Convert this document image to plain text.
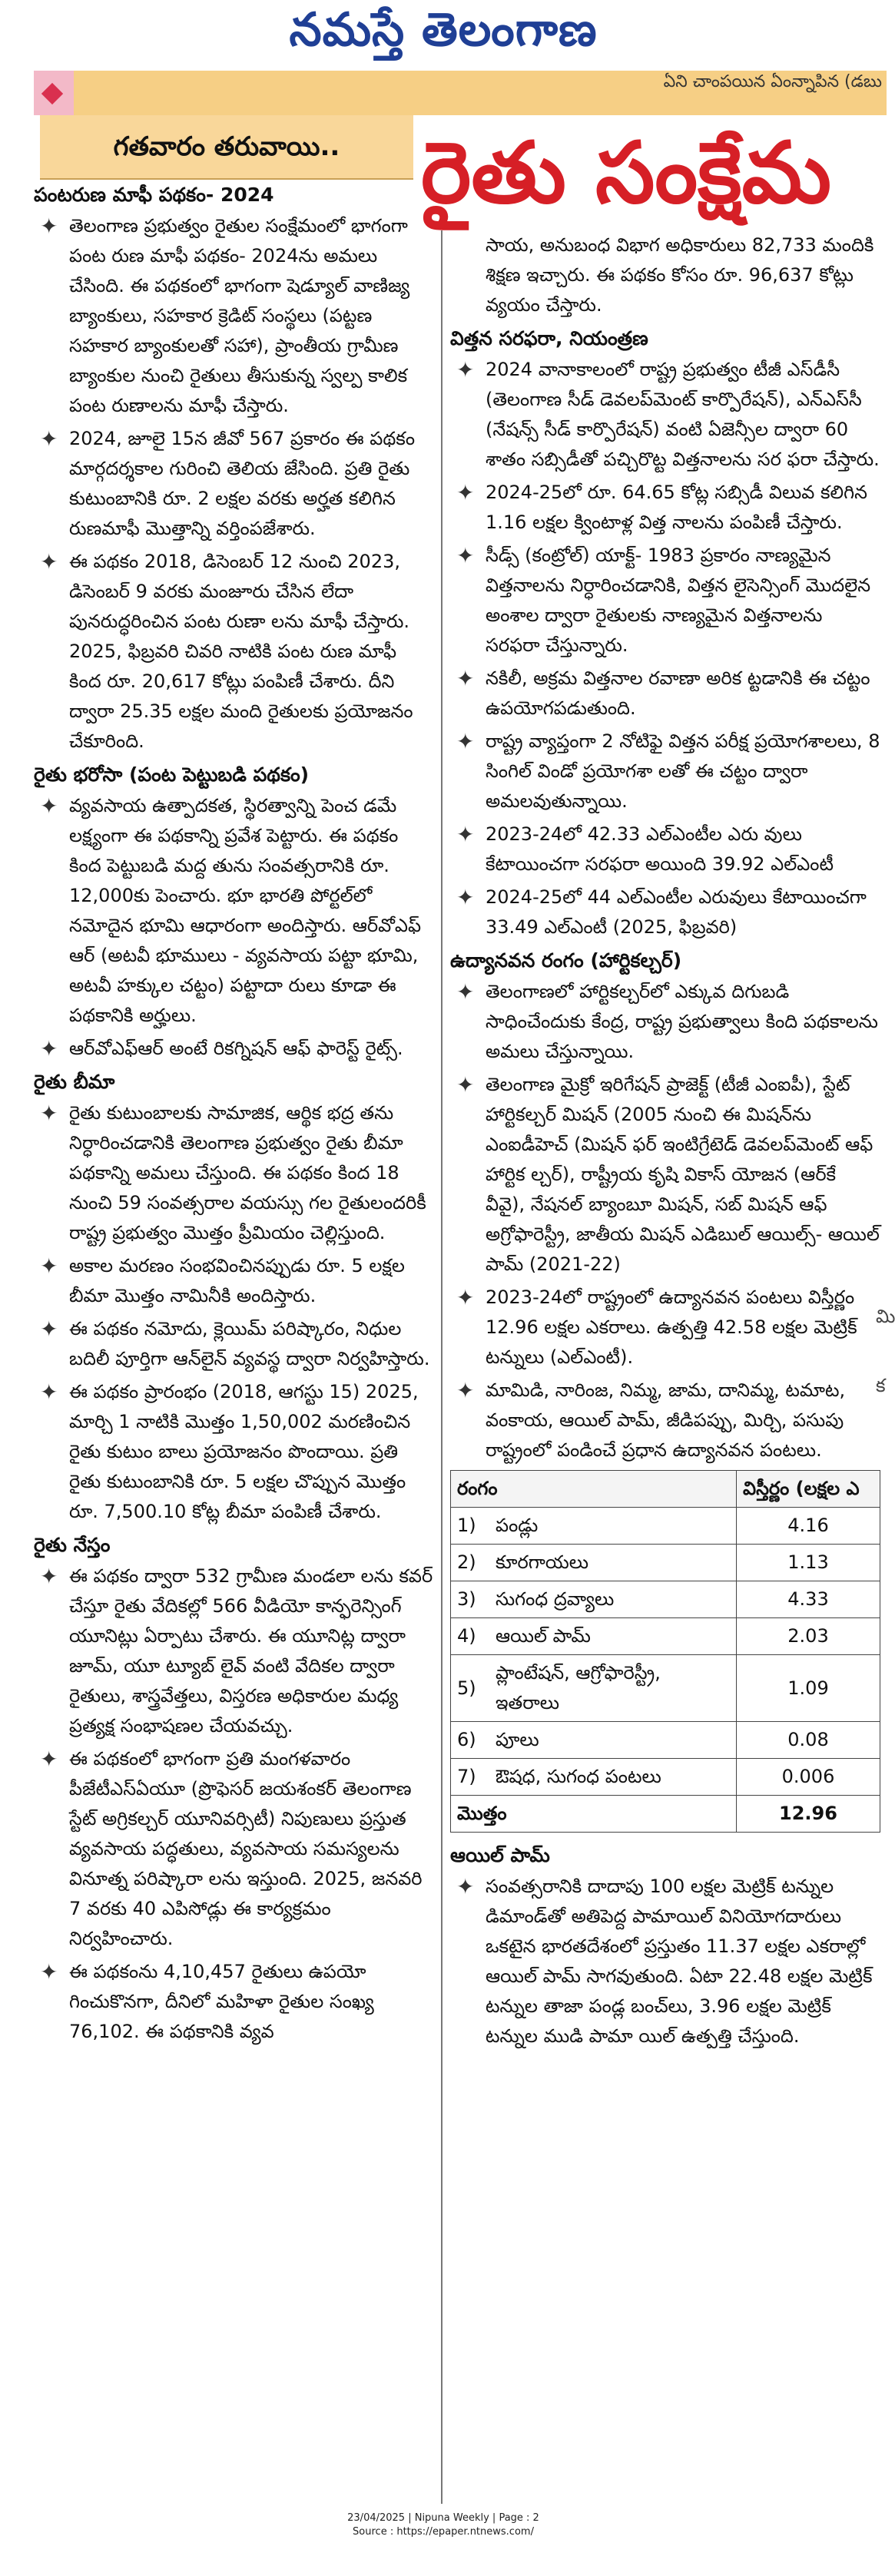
నమస్తే తెలంగాణ
ఏని చాంపయిన ఏంన్నాపిన (డబు
గతవారం తరువాయి.. రైతు సంక్షేమ
పంటరుణ మాఫీ పథకం- 2024
✦ తెలంగాణ ప్రభుత్వం రైతుల సంక్షేమంలో భాగంగా పంట రుణ మాఫీ పథకం- 2024ను అమలు చేసింది. ఈ పథకంలో భాగంగా షెడ్యూల్ వాణిజ్య బ్యాంకులు, సహకార క్రెడిట్ సంస్థలు (పట్టణ సహకార బ్యాంకులతో సహా), ప్రాంతీయ గ్రామీణ బ్యాంకుల నుంచి రైతులు తీసుకున్న స్వల్ప కాలిక పంట రుణాలను మాఫీ చేస్తారు.
✦ 2024, జూలై 15న జీవో 567 ప్రకారం ఈ పథకం మార్గదర్శకాల గురించి తెలియ జేసింది. ప్రతి రైతు కుటుంబానికి రూ. 2 లక్షల వరకు అర్హత కలిగిన రుణమాఫీ మొత్తాన్ని వర్తింపజేశారు.
✦ ఈ పథకం 2018, డిసెంబర్ 12 నుంచి 2023, డిసెంబర్ 9 వరకు మంజూరు చేసిన లేదా పునరుద్ధరించిన పంట రుణా లను మాఫీ చేస్తారు. 2025, ఫిబ్రవరి చివరి నాటికి పంట రుణ మాఫీ కింద రూ. 20,617 కోట్లు పంపిణీ చేశారు. దీని ద్వారా 25.35 లక్షల మంది రైతులకు ప్రయోజనం చేకూరింది.
రైతు భరోసా (పంట పెట్టుబడి పథకం)
✦ వ్యవసాయ ఉత్పాదకత, స్థిరత్వాన్ని పెంచ డమే లక్ష్యంగా ఈ పథకాన్ని ప్రవేశ పెట్టారు. ఈ పథకం కింద పెట్టుబడి మద్ద తును సంవత్సరానికి రూ. 12,000కు పెంచారు. భూ భారతి పోర్టల్‌లో నమోదైన భూమి ఆధారంగా అందిస్తారు. ఆర్‌వోఎఫ్ ఆర్ (అటవీ భూములు - వ్యవసాయ పట్టా భూమి, అటవీ హక్కుల చట్టం) పట్టాదా రులు కూడా ఈ పథకానికి అర్హులు.
✦ ఆర్‌వోఎఫ్‌ఆర్ అంటే రికగ్నిషన్ ఆఫ్ ఫారెస్ట్ రైట్స్.
రైతు బీమా
✦ రైతు కుటుంబాలకు సామాజిక, ఆర్థిక భద్ర తను నిర్ధారించడానికి తెలంగాణ ప్రభుత్వం రైతు బీమా పథకాన్ని అమలు చేస్తుంది. ఈ పథకం కింద 18 నుంచి 59 సంవత్సరాల వయస్సు గల రైతులందరికీ రాష్ట్ర ప్రభుత్వం మొత్తం ప్రీమియం చెల్లిస్తుంది.
✦ అకాల మరణం సంభవించినప్పుడు రూ. 5 లక్షల బీమా మొత్తం నామినీకి అందిస్తారు.
✦ ఈ పథకం నమోదు, క్లెయిమ్ పరిష్కారం, నిధుల బదిలీ పూర్తిగా ఆన్‌లైన్ వ్యవస్థ ద్వారా నిర్వహిస్తారు.
✦ ఈ పథకం ప్రారంభం (2018, ఆగస్టు 15) 2025, మార్చి 1 నాటికి మొత్తం 1,50,002 మరణించిన రైతు కుటుం బాలు ప్రయోజనం పొందాయి. ప్రతి రైతు కుటుంబానికి రూ. 5 లక్షల చొప్పున మొత్తం రూ. 7,500.10 కోట్ల బీమా పంపిణీ చేశారు.
రైతు నేస్తం
✦ ఈ పథకం ద్వారా 532 గ్రామీణ మండలా లను కవర్ చేస్తూ రైతు వేదికల్లో 566 వీడియో కాన్ఫరెన్సింగ్ యూనిట్లు ఏర్పాటు చేశారు. ఈ యూనిట్ల ద్వారా జూమ్, యూ ట్యూబ్ లైవ్ వంటి వేదికల ద్వారా రైతులు, శాస్త్రవేత్తలు, విస్తరణ అధికారుల మధ్య ప్రత్యక్ష సంభాషణల చేయవచ్చు.
✦ ఈ పథకంలో భాగంగా ప్రతి మంగళవారం పీజేటీఎస్‌ఏయూ (ప్రొఫెసర్ జయశంకర్ తెలంగాణ స్టేట్ అగ్రికల్చర్ యూనివర్సిటీ) నిపుణులు ప్రస్తుత వ్యవసాయ పద్ధతులు, వ్యవసాయ సమస్యలను వినూత్న పరిష్కారా లను ఇస్తుంది. 2025, జనవరి 7 వరకు 40 ఎపిసోడ్లు ఈ కార్యక్రమం నిర్వహించారు.
✦ ఈ పథకంను 4,10,457 రైతులు ఉపయో గించుకొనగా, దీనిలో మహిళా రైతుల సంఖ్య 76,102. ఈ పథకానికి వ్యవ
సాయ, అనుబంధ విభాగ అధికారులు 82,733 మందికి శిక్షణ ఇచ్చారు. ఈ పథకం కోసం రూ. 96,637 కోట్లు వ్యయం చేస్తారు.
విత్తన సరఫరా, నియంత్రణ
✦ 2024 వానాకాలంలో రాష్ట్ర ప్రభుత్వం టీజీ ఎస్‌డీసీ (తెలంగాణ సీడ్ డెవలప్‌మెంట్ కార్పొరేషన్), ఎన్ఎస్‌సీ (నేషన్స్ సీడ్ కార్పొరేషన్) వంటి ఏజెన్సీల ద్వారా 60 శాతం సబ్సిడీతో పచ్చిరొట్ట విత్తనాలను సర ఫరా చేస్తారు.
✦ 2024-25లో రూ. 64.65 కోట్ల సబ్సిడీ విలువ కలిగిన 1.16 లక్షల క్వింటాళ్ల విత్త నాలను పంపిణీ చేస్తారు.
✦ సీడ్స్ (కంట్రోల్) యాక్ట్- 1983 ప్రకారం నాణ్యమైన విత్తనాలను నిర్ధారించడానికి, విత్తన లైసెన్సింగ్ మొదలైన అంశాల ద్వారా రైతులకు నాణ్యమైన విత్తనాలను సరఫరా చేస్తున్నారు.
✦ నకిలీ, అక్రమ విత్తనాల రవాణా అరిక ట్టడానికి ఈ చట్టం ఉపయోగపడుతుంది.
✦ రాష్ట్ర వ్యాప్తంగా 2 నోటిఫై విత్తన పరీక్ష ప్రయోగశాలలు, 8 సింగిల్ విండో ప్రయోగశా లతో ఈ చట్టం ద్వారా అమలవుతున్నాయి.
✦ 2023-24లో 42.33 ఎల్ఎంటీల ఎరు వులు కేటాయించగా సరఫరా అయింది 39.92 ఎల్ఎంటీ
✦ 2024-25లో 44 ఎల్ఎంటీల ఎరువులు కేటాయించగా 33.49 ఎల్ఎంటీ (2025, ఫిబ్రవరి)
ఉద్యానవన రంగం (హార్టికల్చర్)
✦ తెలంగాణలో హార్టికల్చర్‌లో ఎక్కువ దిగుబడి సాధించేందుకు కేంద్ర, రాష్ట్ర ప్రభుత్వాలు కింది పథకాలను అమలు చేస్తున్నాయి.
✦ తెలంగాణ మైక్రో ఇరిగేషన్ ప్రాజెక్ట్ (టీజీ ఎంఐపీ), స్టేట్ హార్టికల్చర్ మిషన్ (2005 నుంచి ఈ మిషన్‌ను ఎంఐడీహెచ్ (మిషన్ ఫర్ ఇంటిగ్రేటెడ్ డెవలప్‌మెంట్ ఆఫ్ హార్టిక ల్చర్), రాష్ట్రీయ కృషి వికాస్ యోజన (ఆర్‌కే వీవై), నేషనల్ బ్యాంబూ మిషన్, సబ్ మిషన్ ఆఫ్ అగ్రోఫారెస్ట్రీ, జాతీయ మిషన్ ఎడిబుల్ ఆయిల్స్- ఆయిల్ పామ్ (2021-22)
✦ 2023-24లో రాష్ట్రంలో ఉద్యానవన పంటలు విస్తీర్ణం 12.96 లక్షల ఎకరాలు. ఉత్పత్తి 42.58 లక్షల మెట్రిక్ టన్నులు (ఎల్ఎంటీ).
✦ మామిడి, నారింజ, నిమ్మ, జామ, దానిమ్మ, టమాట, వంకాయ, ఆయిల్ పామ్, జీడిపప్పు, మిర్చి, పసుపు రాష్ట్రంలో పండించే ప్రధాన ఉద్యానవన పంటలు.
రంగం		విస్తీర్ణం (లక్షల ఎ
1)	పండ్లు	4.16
2)	కూరగాయలు	1.13
3)	సుగంధ ద్రవ్యాలు	4.33
4)	ఆయిల్ పామ్	2.03
5)	ప్లాంటేషన్, ఆగ్రోఫారెస్ట్రీ, ఇతరాలు	1.09
6)	పూలు	0.08
7)	ఔషధ, సుగంధ పంటలు	0.006
మొత్తం		12.96
ఆయిల్ పామ్
✦ సంవత్సరానికి దాదాపు 100 లక్షల మెట్రిక్ టన్నుల డిమాండ్‌తో అతిపెద్ద పామాయిల్ వినియోగదారులు ఒకటైన భారతదేశంలో ప్రస్తుతం 11.37 లక్షల ఎకరాల్లో ఆయిల్ పామ్ సాగవుతుంది. ఏటా 22.48 లక్షల మెట్రిక్ టన్నుల తాజా పండ్ల బంచ్‌లు, 3.96 లక్షల మెట్రిక్ టన్నుల ముడి పామా యిల్ ఉత్పత్తి చేస్తుంది.
మి
క
23/04/2025 | Nipuna Weekly | Page : 2
Source : https://epaper.ntnews.com/
